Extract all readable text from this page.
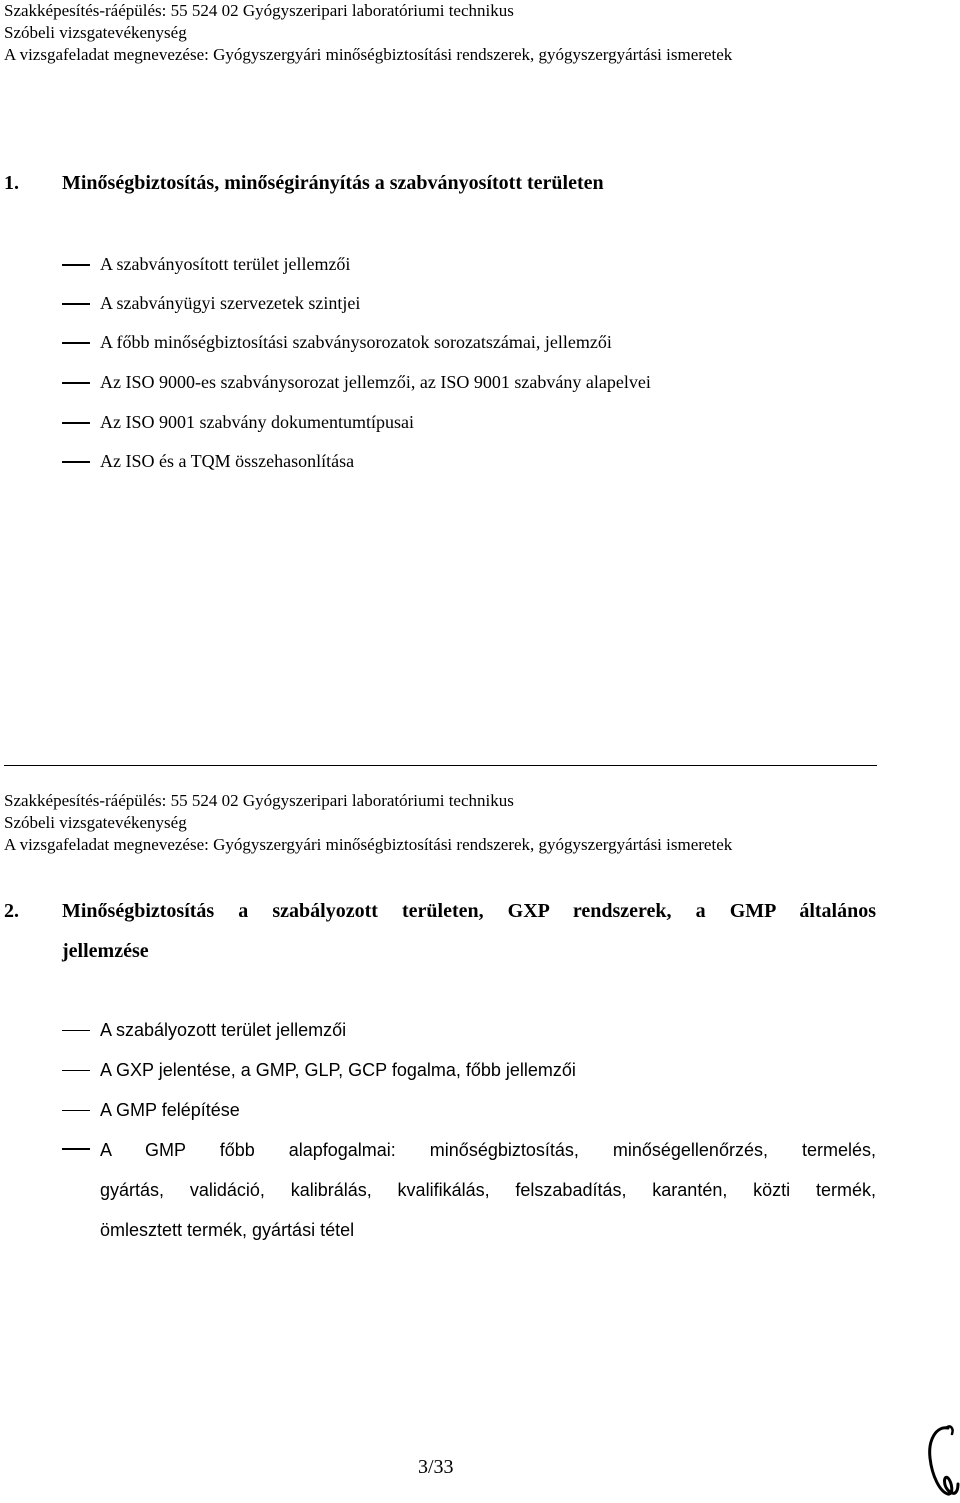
Szakképesítés-ráépülés: 55 524 02 Gyógyszeripari laboratóriumi technikus
Szóbeli vizsgatevékenység
A vizsgafeladat megnevezése: Gyógyszergyári minőségbiztosítási rendszerek, gyógyszergyártási ismeretek
1. Minőségbiztosítás, minőségirányítás a szabványosított területen
A szabványosított terület jellemzői
A szabványügyi szervezetek szintjei
A főbb minőségbiztosítási szabványsorozatok sorozatszámai, jellemzői
Az ISO 9000-es szabványsorozat jellemzői, az ISO 9001 szabvány alapelvei
Az ISO 9001 szabvány dokumentumtípusai
Az ISO és a TQM összehasonlítása
Szakképesítés-ráépülés: 55 524 02 Gyógyszeripari laboratóriumi technikus
Szóbeli vizsgatevékenység
A vizsgafeladat megnevezése: Gyógyszergyári minőségbiztosítási rendszerek, gyógyszergyártási ismeretek
2. Minőségbiztosítás a szabályozott területen, GXP rendszerek, a GMP általános
jellemzése
A szabályozott terület jellemzői
A GXP jelentése, a GMP, GLP, GCP fogalma, főbb jellemzői
A GMP felépítése
A GMP főbb alapfogalmai: minőségbiztosítás, minőségellenőrzés, termelés,
gyártás, validáció, kalibrálás, kvalifikálás, felszabadítás, karantén, közti termék,
ömlesztett termék, gyártási tétel
3/33
